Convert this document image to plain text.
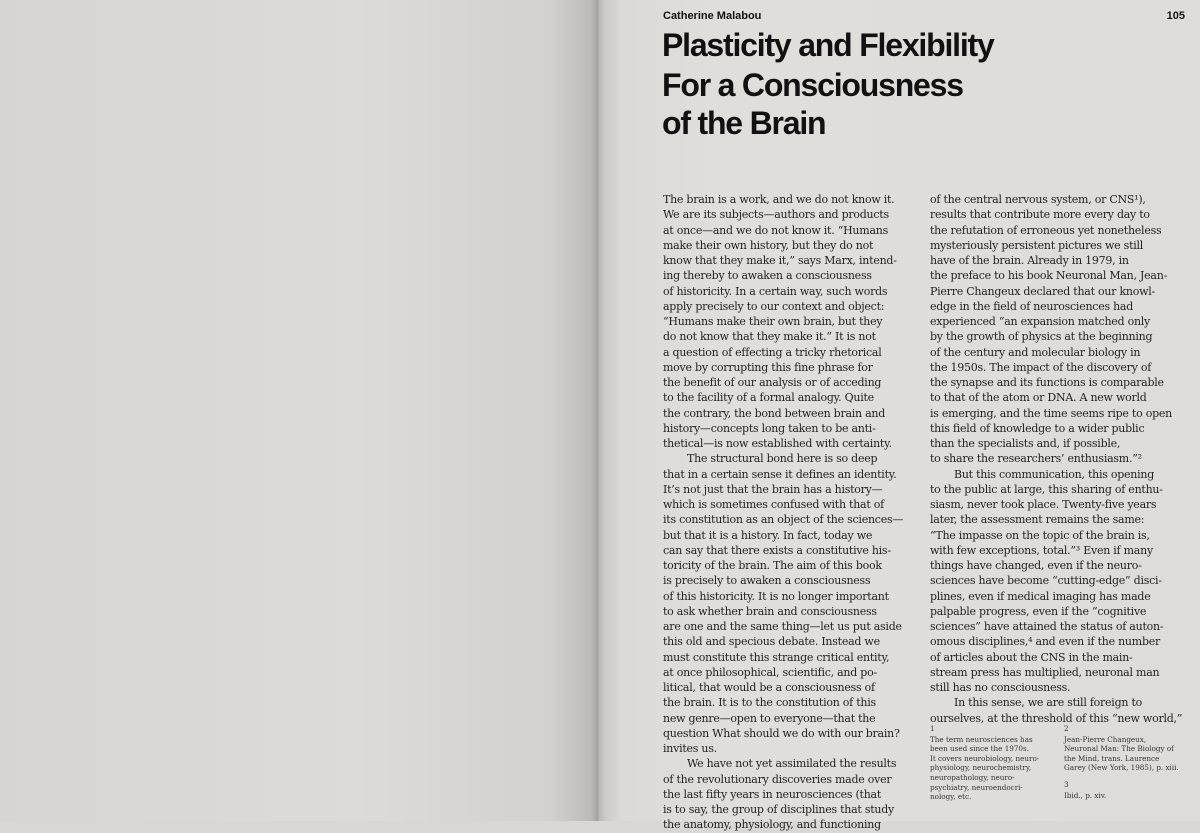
Catherine Malabou	105
Plasticity and Flexibility
For a Consciousness
of the Brain
The brain is a work, and we do not know it.
We are its subjects—authors and products
at once—and we do not know it. “Humans
make their own history, but they do not
know that they make it,” says Marx, intend-
ing thereby to awaken a consciousness
of historicity. In a certain way, such words
apply precisely to our context and object:
“Humans make their own brain, but they
do not know that they make it.” It is not
a question of effecting a tricky rhetorical
move by corrupting this fine phrase for
the benefit of our analysis or of acceding
to the facility of a formal analogy. Quite
the contrary, the bond between brain and
history—concepts long taken to be anti-
thetical—is now established with certainty.
The structural bond here is so deep
that in a certain sense it defines an identity.
It’s not just that the brain has a history—
which is sometimes confused with that of
its constitution as an object of the sciences—
but that it is a history. In fact, today we
can say that there exists a constitutive his-
toricity of the brain. The aim of this book
is precisely to awaken a consciousness
of this historicity. It is no longer important
to ask whether brain and consciousness
are one and the same thing—let us put aside
this old and specious debate. Instead we
must constitute this strange critical entity,
at once philosophical, scientific, and po-
litical, that would be a consciousness of
the brain. It is to the constitution of this
new genre—open to everyone—that the
question What should we do with our brain?
invites us.
We have not yet assimilated the results
of the revolutionary discoveries made over
the last fifty years in neurosciences (that
is to say, the group of disciplines that study
the anatomy, physiology, and functioning
of the central nervous system, or CNS¹),
results that contribute more every day to
the refutation of erroneous yet nonetheless
mysteriously persistent pictures we still
have of the brain. Already in 1979, in
the preface to his book Neuronal Man, Jean-
Pierre Changeux declared that our knowl-
edge in the field of neurosciences had
experienced “an expansion matched only
by the growth of physics at the beginning
of the century and molecular biology in
the 1950s. The impact of the discovery of
the synapse and its functions is comparable
to that of the atom or DNA. A new world
is emerging, and the time seems ripe to open
this field of knowledge to a wider public
than the specialists and, if possible,
to share the researchers’ enthusiasm.”²
But this communication, this opening
to the public at large, this sharing of enthu-
siasm, never took place. Twenty-five years
later, the assessment remains the same:
“The impasse on the topic of the brain is,
with few exceptions, total.”³ Even if many
things have changed, even if the neuro-
sciences have become “cutting-edge” disci-
plines, even if medical imaging has made
palpable progress, even if the “cognitive
sciences” have attained the status of auton-
omous disciplines,⁴ and even if the number
of articles about the CNS in the main-
stream press has multiplied, neuronal man
still has no consciousness.
In this sense, we are still foreign to
ourselves, at the threshold of this “new world,”
1
The term neurosciences has
been used since the 1970s.
It covers neurobiology, neuro-
physiology, neurochemistry,
neuropathology, neuro-
psychiatry, neuroendocri-
nology, etc.
2
Jean-Pierre Changeux,
Neuronal Man: The Biology of
the Mind, trans. Laurence
Garey (New York, 1985), p. xiii.
3
Ibid., p. xiv.
